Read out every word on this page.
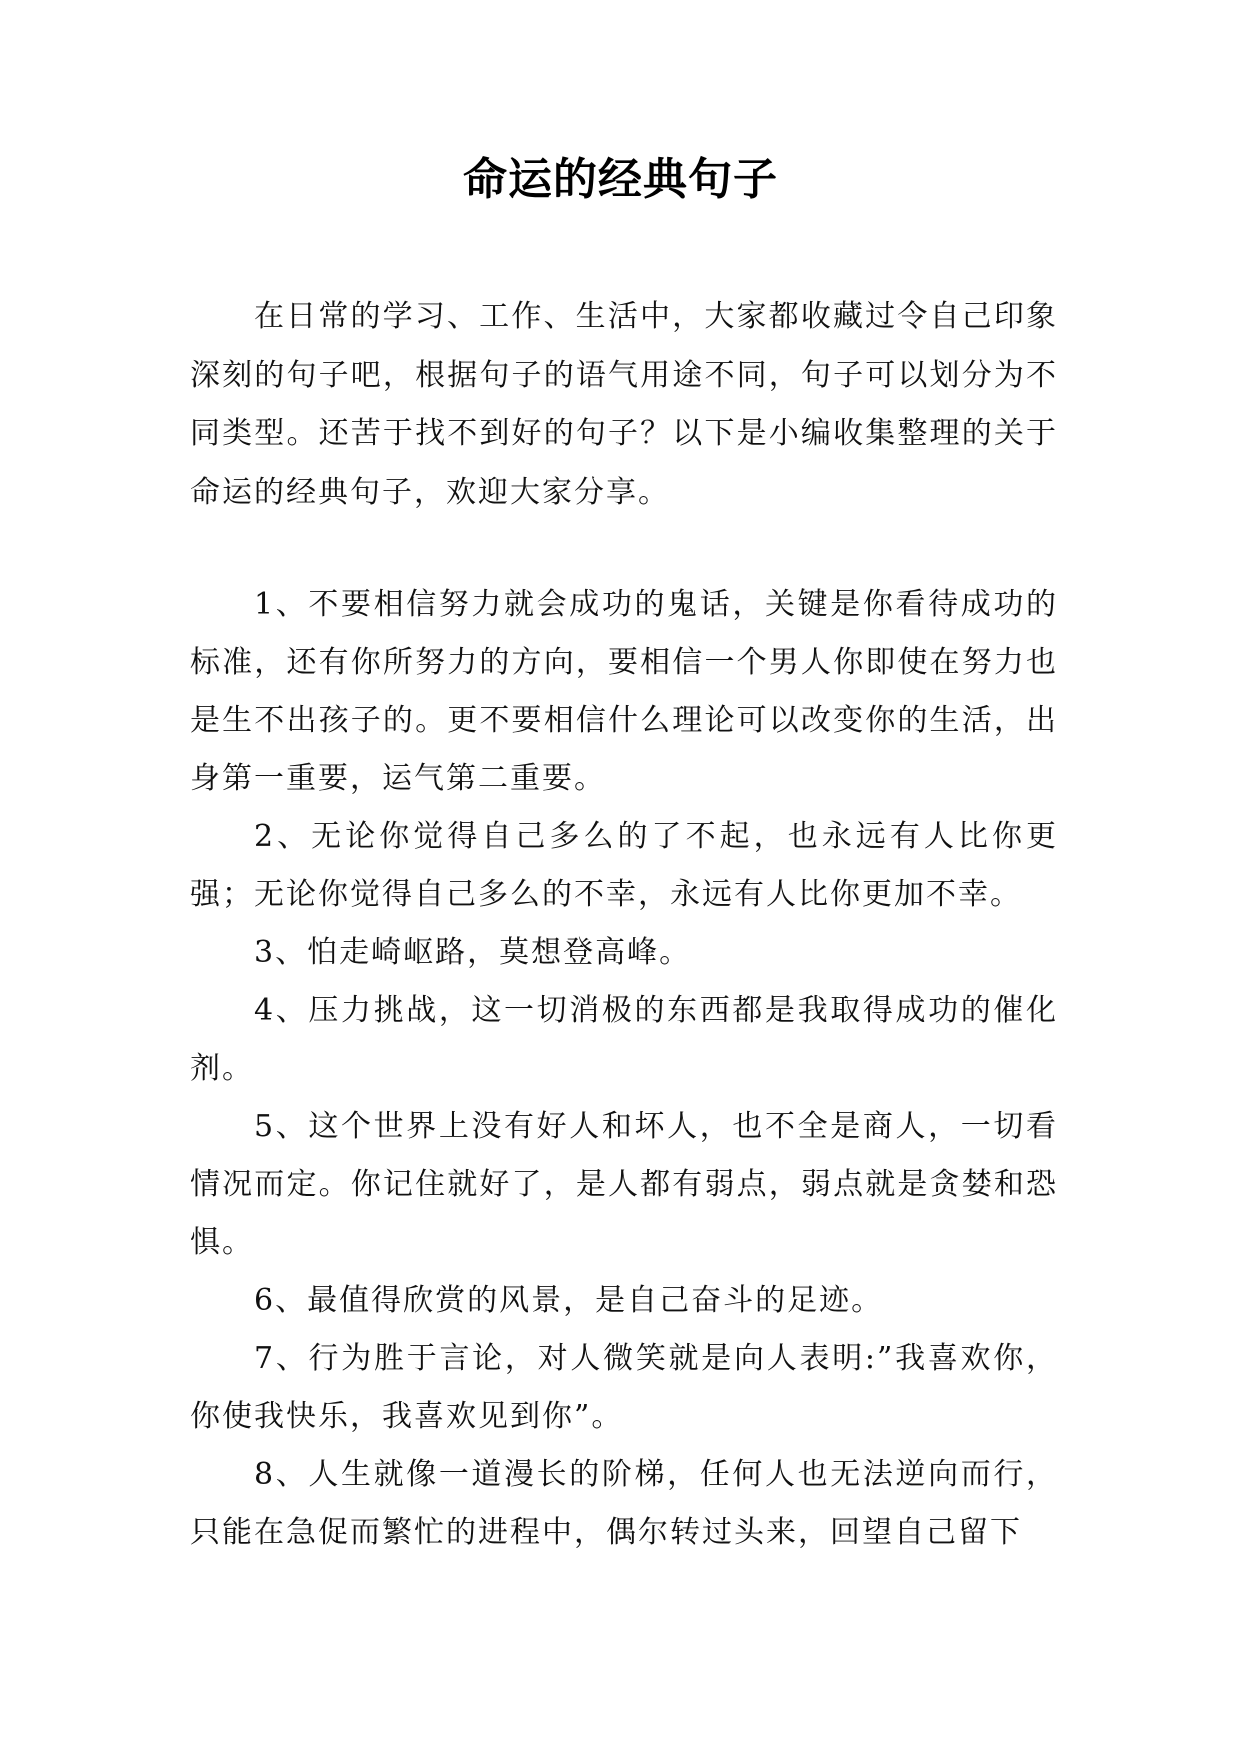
命运的经典句子

在日常的学习、工作、生活中，大家都收藏过令自己印象深刻的句子吧，根据句子的语气用途不同，句子可以划分为不同类型。还苦于找不到好的句子？以下是小编收集整理的关于命运的经典句子，欢迎大家分享。

1、不要相信努力就会成功的鬼话，关键是你看待成功的标准，还有你所努力的方向，要相信一个男人你即使在努力也是生不出孩子的。更不要相信什么理论可以改变你的生活，出身第一重要，运气第二重要。

2、无论你觉得自己多么的了不起，也永远有人比你更强；无论你觉得自己多么的不幸，永远有人比你更加不幸。

3、怕走崎岖路，莫想登高峰。

4、压力挑战，这一切消极的东西都是我取得成功的催化剂。

5、这个世界上没有好人和坏人，也不全是商人，一切看情况而定。你记住就好了，是人都有弱点，弱点就是贪婪和恐惧。

6、最值得欣赏的风景，是自己奋斗的足迹。

7、行为胜于言论，对人微笑就是向人表明:”我喜欢你，你使我快乐，我喜欢见到你”。

8、人生就像一道漫长的阶梯，任何人也无法逆向而行，只能在急促而繁忙的进程中，偶尔转过头来，回望自己留下
